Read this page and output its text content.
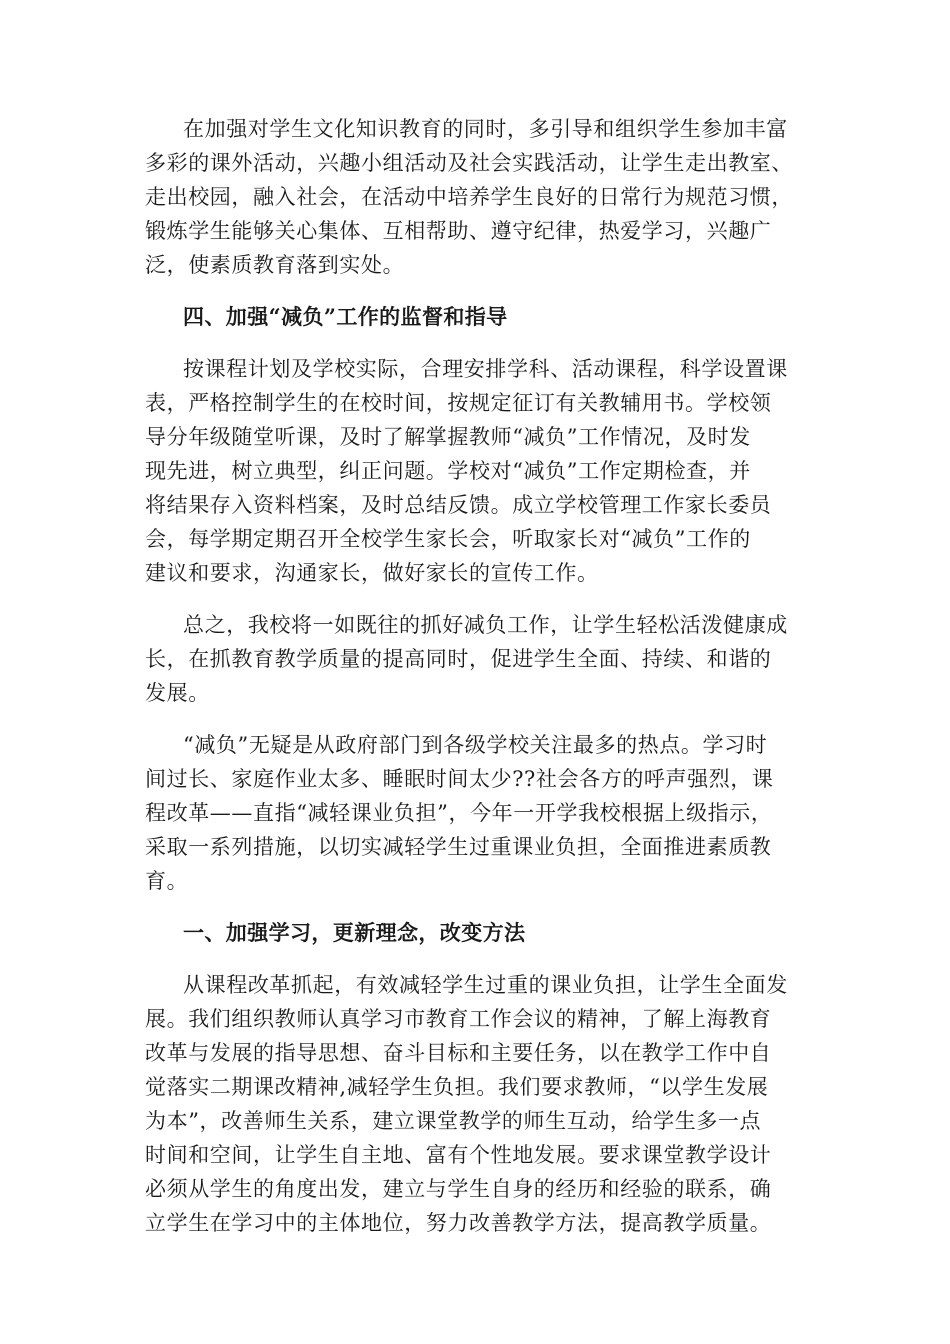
在加强对学生文化知识教育的同时，多引导和组织学生参加丰富
多彩的课外活动，兴趣小组活动及社会实践活动，让学生走出教室、
走出校园，融入社会，在活动中培养学生良好的日常行为规范习惯，
锻炼学生能够关心集体、互相帮助、遵守纪律，热爱学习，兴趣广
泛，使素质教育落到实处。
四、加强“减负”工作的监督和指导
按课程计划及学校实际，合理安排学科、活动课程，科学设置课
表，严格控制学生的在校时间，按规定征订有关教辅用书。学校领
导分年级随堂听课，及时了解掌握教师“减负”工作情况，及时发
现先进，树立典型，纠正问题。学校对“减负”工作定期检查，并
将结果存入资料档案，及时总结反馈。成立学校管理工作家长委员
会，每学期定期召开全校学生家长会，听取家长对“减负”工作的
建议和要求，沟通家长，做好家长的宣传工作。
总之，我校将一如既往的抓好减负工作，让学生轻松活泼健康成
长，在抓教育教学质量的提高同时，促进学生全面、持续、和谐的
发展。
“减负”无疑是从政府部门到各级学校关注最多的热点。学习时
间过长、家庭作业太多、睡眠时间太少??社会各方的呼声强烈，课
程改革——直指“减轻课业负担”，今年一开学我校根据上级指示，
采取一系列措施，以切实减轻学生过重课业负担，全面推进素质教
育。
一、加强学习，更新理念，改变方法
从课程改革抓起，有效减轻学生过重的课业负担，让学生全面发
展。我们组织教师认真学习市教育工作会议的精神，了解上海教育
改革与发展的指导思想、奋斗目标和主要任务，以在教学工作中自
觉落实二期课改精神,减轻学生负担。我们要求教师，“以学生发展
为本”，改善师生关系，建立课堂教学的师生互动，给学生多一点
时间和空间，让学生自主地、富有个性地发展。要求课堂教学设计
必须从学生的角度出发，建立与学生自身的经历和经验的联系，确
立学生在学习中的主体地位，努力改善教学方法，提高教学质量。
